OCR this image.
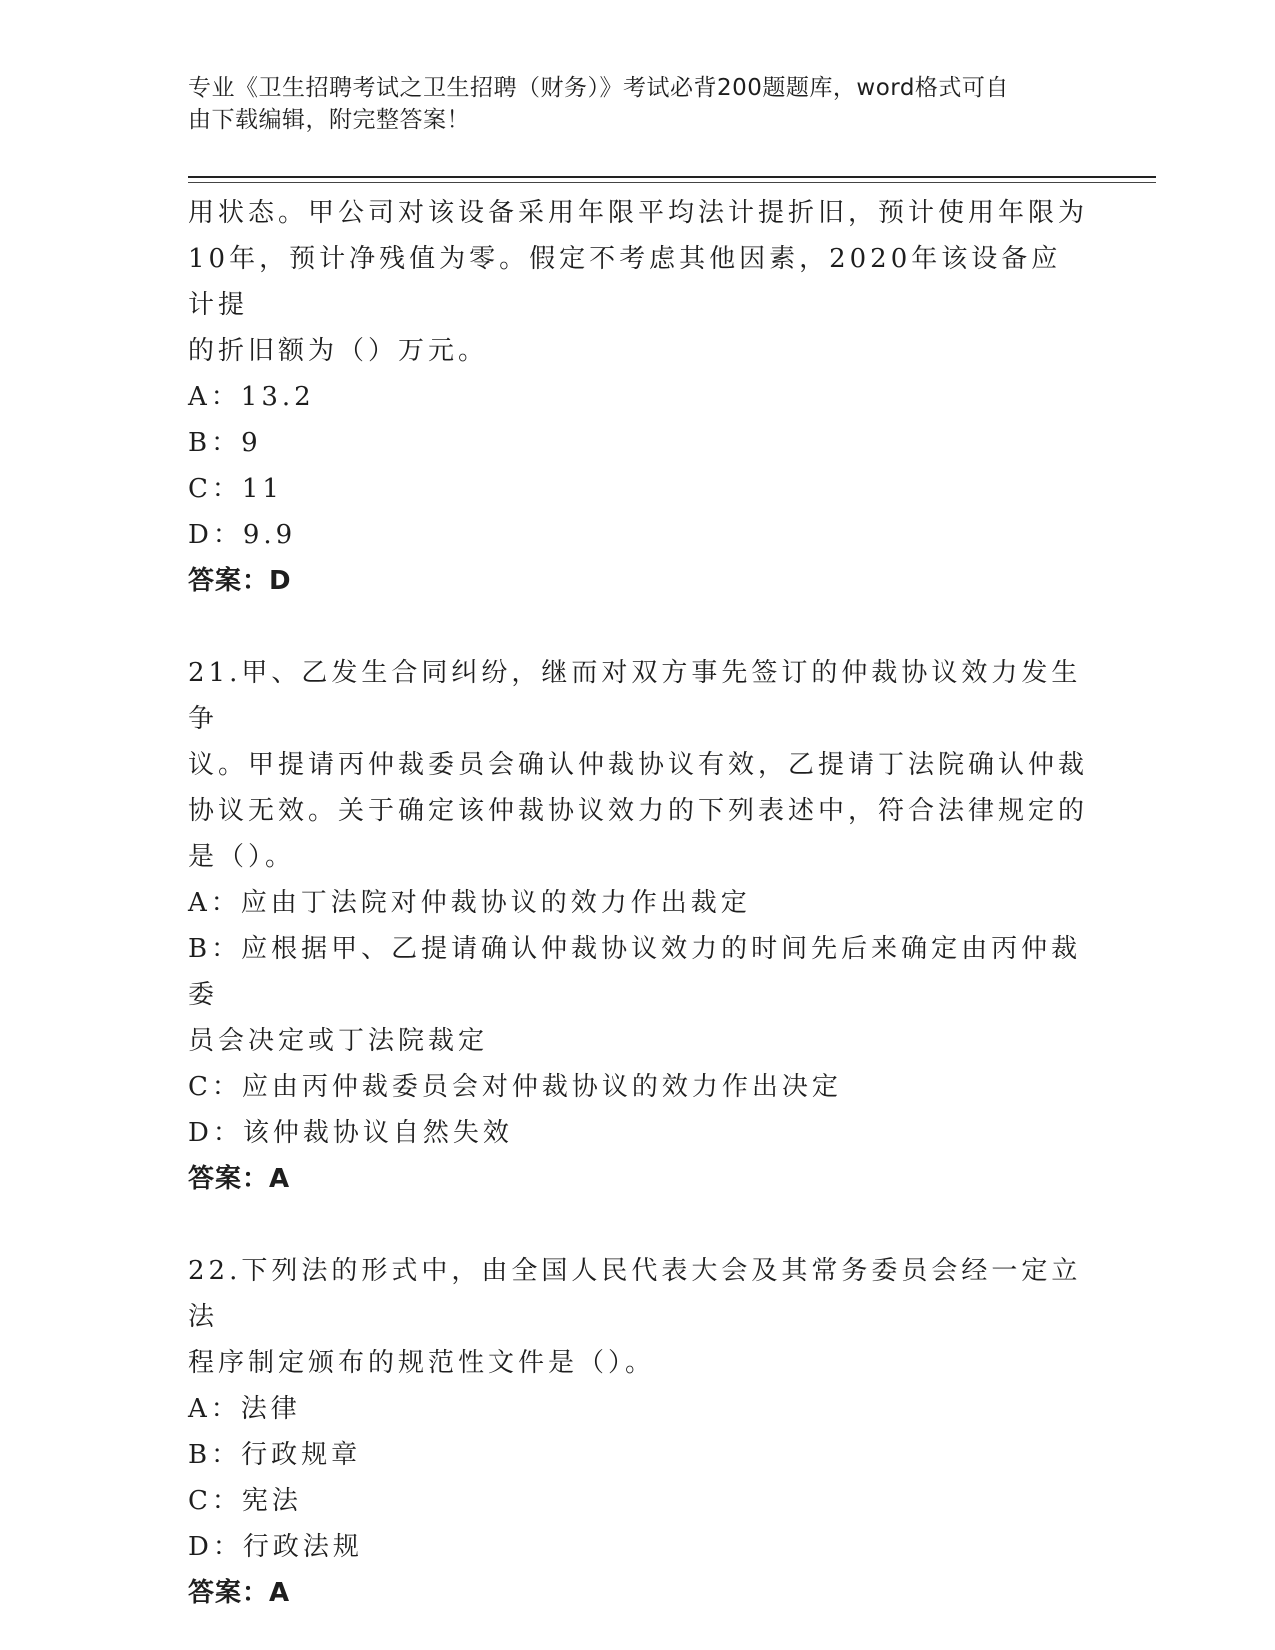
专业《卫生招聘考试之卫生招聘（财务）》考试必背200题题库，word格式可自
由下载编辑，附完整答案！

用状态。甲公司对该设备采用年限平均法计提折旧，预计使用年限为

10年，预计净残值为零。假定不考虑其他因素，2020年该设备应计提

的折旧额为（）万元。

A：13.2

B：9

C：11

D：9.9

答案：D

21.甲、乙发生合同纠纷，继而对双方事先签订的仲裁协议效力发生争

议。甲提请丙仲裁委员会确认仲裁协议有效，乙提请丁法院确认仲裁

协议无效。关于确定该仲裁协议效力的下列表述中，符合法律规定的

是（）。

A：应由丁法院对仲裁协议的效力作出裁定

B：应根据甲、乙提请确认仲裁协议效力的时间先后来确定由丙仲裁委

员会决定或丁法院裁定

C：应由丙仲裁委员会对仲裁协议的效力作出决定

D：该仲裁协议自然失效

答案：A

22.下列法的形式中，由全国人民代表大会及其常务委员会经一定立法

程序制定颁布的规范性文件是（）。

A：法律

B：行政规章

C：宪法

D：行政法规

答案：A
